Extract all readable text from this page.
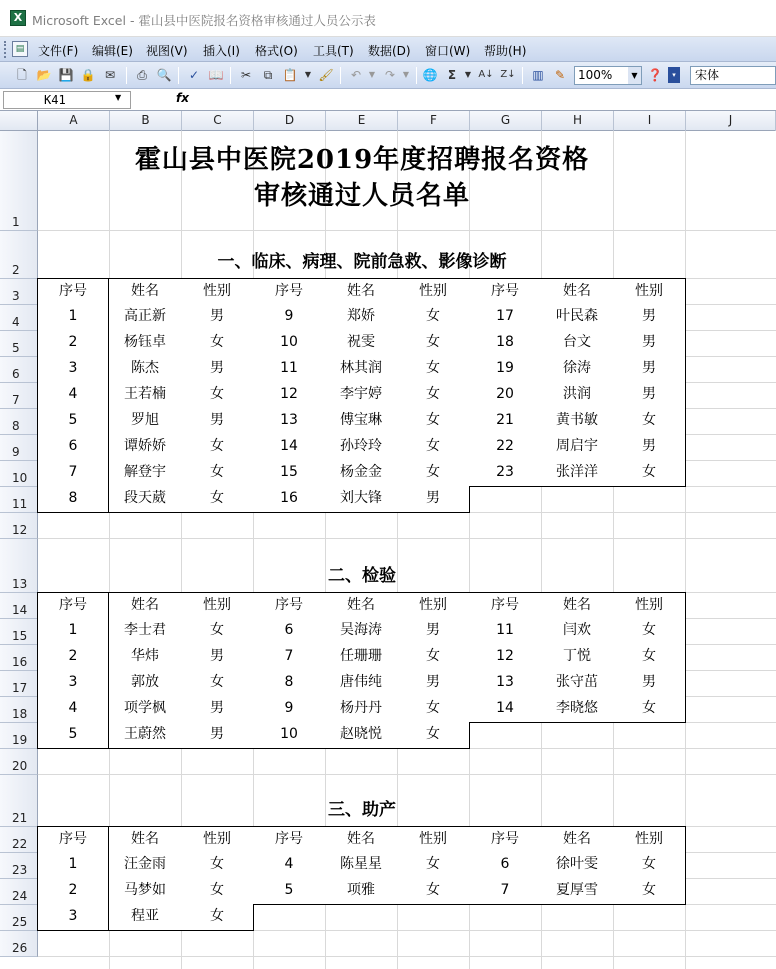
X Microsoft Excel - 霍山县中医院报名资格审核通过人员公示表
▤	文件(F) 编辑(E) 视图(V) 插入(I) 格式(O) 工具(T) 数据(D) 窗口(W) 帮助(H)
🗋 📂 💾 🔒 ✉ ⎙ 🔍 ✓ 📖 ✂	⧉ 📋 ▼ 🖌 ↶ ▼ ↷ ▼	🌐 Σ	▼ A↓ Z↓ ▥ ✎	100%	▼ ❓	▾	宋体
K41	▼	fx
A	B	C	D	E	F	G	H	I	J
1
2
3
4
5
6
7
8
9
10
11
12
13
14
15
16
17
18
19
20
21
22
23
24
25
26
霍山县中医院2019年度招聘报名资格
审核通过人员名单
一、临床、病理、院前急救、影像诊断
序号	姓名	性别	序号	姓名	性别	序号	姓名	性别
1	高正新	男	9	郑娇	女	17	叶民森	男
2	杨钰卓	女	10	祝雯	女	18	台文	男
3	陈杰	男	11	林其润	女	19	徐涛	男
4	王若楠	女	12	李宇婷	女	20	洪润	男
5	罗旭	男	13	傅宝琳	女	21	黄书敏	女
6	谭娇娇	女	14	孙玲玲	女	22	周启宇	男
7	解登宇	女	15	杨金金	女	23	张洋洋	女
8	段天葳	女	16	刘大锋	男
二、检验
序号	姓名	性别	序号	姓名	性别	序号	姓名	性别
1	李士君	女	6	吴海涛	男	11	闫欢	女
2	华炜	男	7	任珊珊	女	12	丁悦	女
3	郭放	女	8	唐伟纯	男	13	张守茁	男
4	项学枫	男	9	杨丹丹	女	14	李晓悠	女
5	王蔚然	男	10	赵晓悦	女
三、助产
序号	姓名	性别	序号	姓名	性别	序号	姓名	性别
1	汪金雨	女	4	陈星星	女	6	徐叶雯	女
2	马梦如	女	5	项雅	女	7	夏厚雪	女
3	程亚	女
